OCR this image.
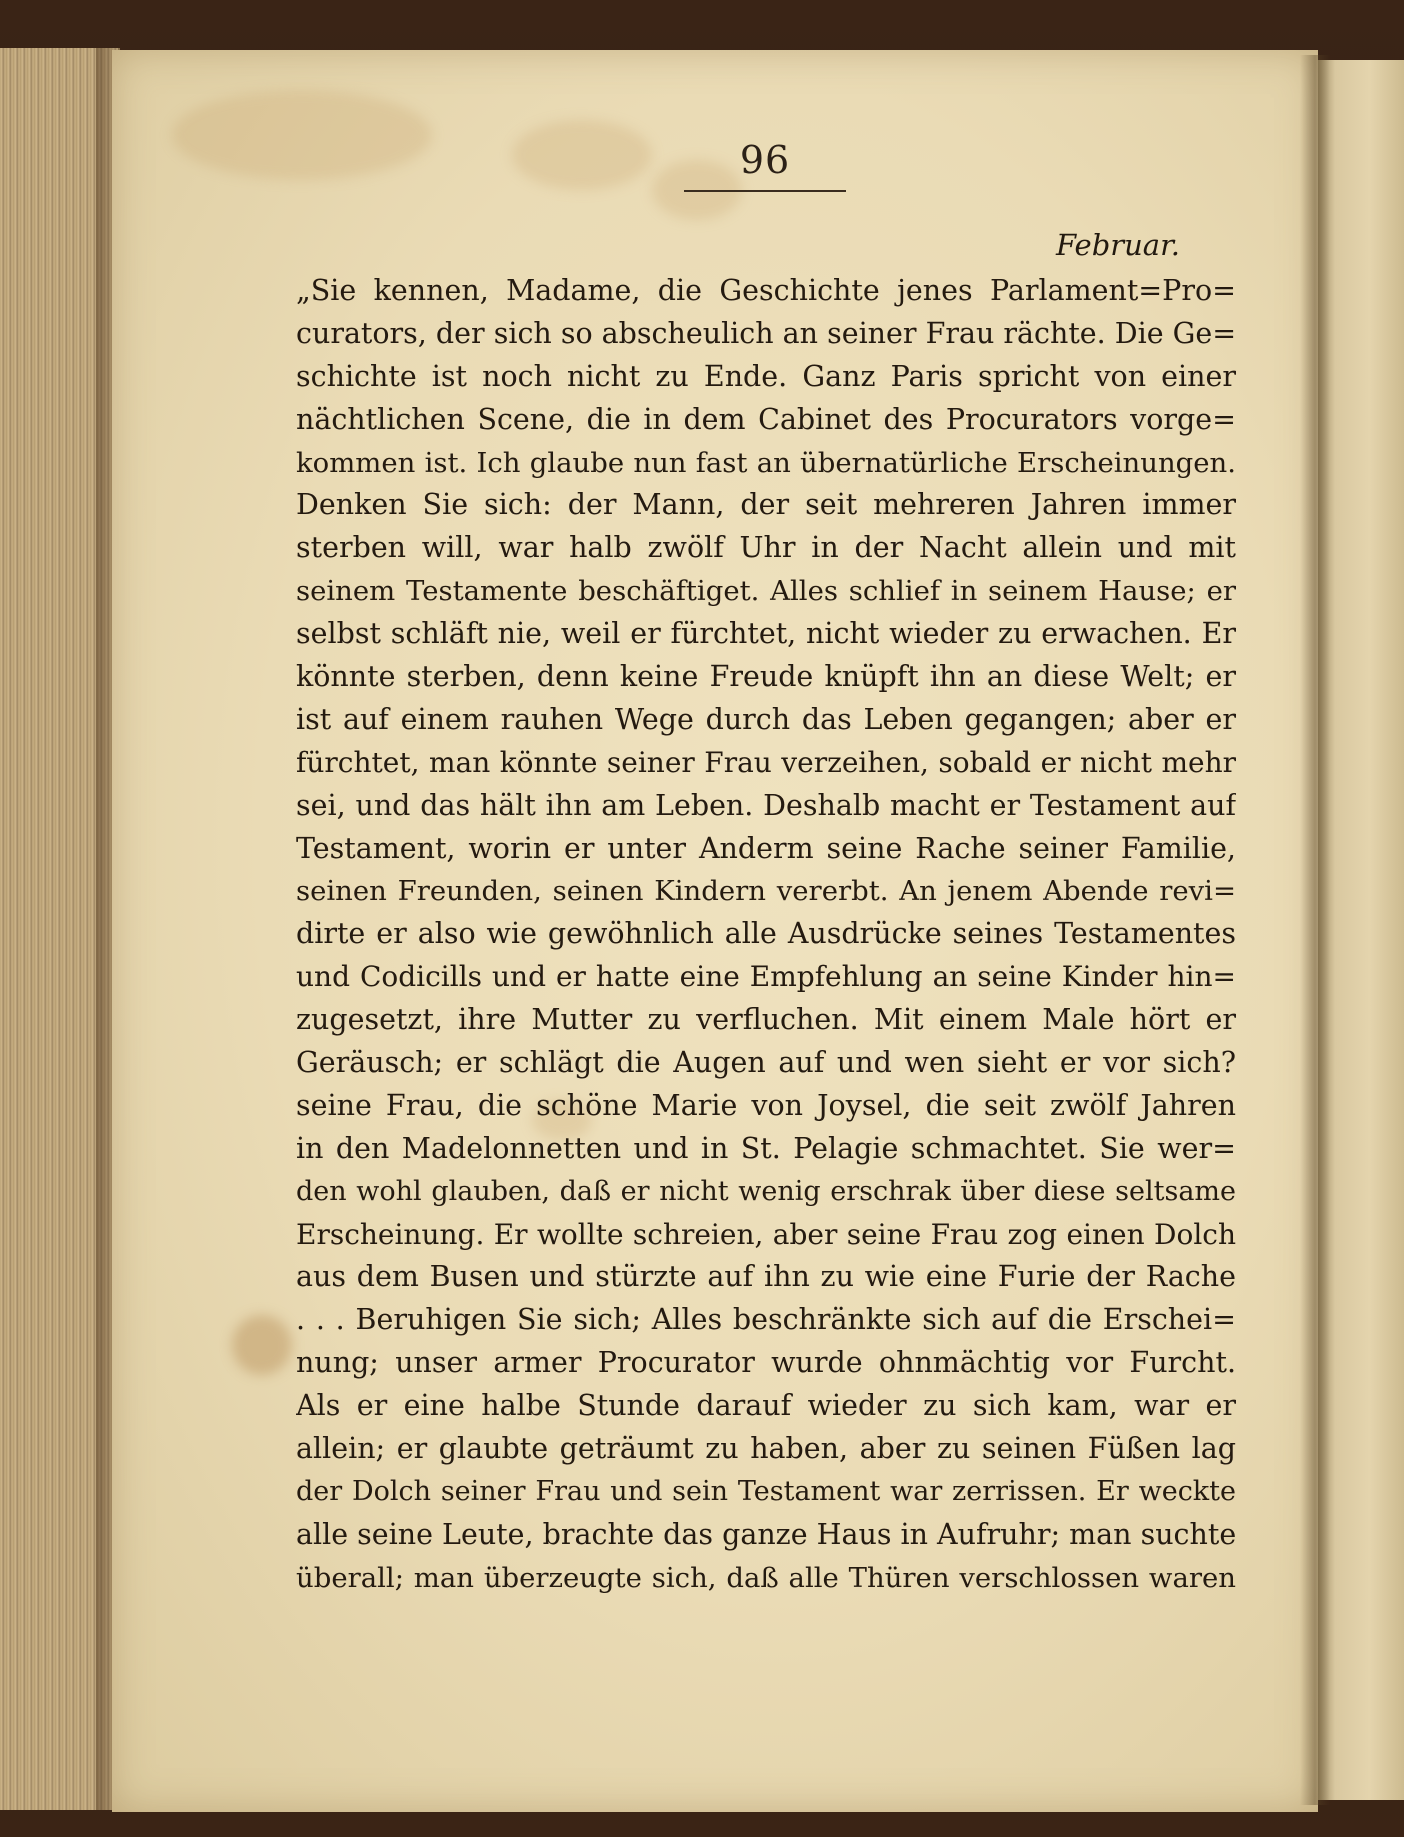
96
Februar.
„Sie kennen, Madame, die Geschichte jenes Parlament=Pro=
curators, der sich so abscheulich an seiner Frau rächte. Die Ge=
schichte ist noch nicht zu Ende. Ganz Paris spricht von einer
nächtlichen Scene, die in dem Cabinet des Procurators vorge=
kommen ist. Ich glaube nun fast an übernatürliche Erscheinungen.
Denken Sie sich: der Mann, der seit mehreren Jahren immer
sterben will, war halb zwölf Uhr in der Nacht allein und mit
seinem Testamente beschäftiget. Alles schlief in seinem Hause; er
selbst schläft nie, weil er fürchtet, nicht wieder zu erwachen. Er
könnte sterben, denn keine Freude knüpft ihn an diese Welt; er
ist auf einem rauhen Wege durch das Leben gegangen; aber er
fürchtet, man könnte seiner Frau verzeihen, sobald er nicht mehr
sei, und das hält ihn am Leben. Deshalb macht er Testament auf
Testament, worin er unter Anderm seine Rache seiner Familie,
seinen Freunden, seinen Kindern vererbt. An jenem Abende revi=
dirte er also wie gewöhnlich alle Ausdrücke seines Testamentes
und Codicills und er hatte eine Empfehlung an seine Kinder hin=
zugesetzt, ihre Mutter zu verfluchen. Mit einem Male hört er
Geräusch; er schlägt die Augen auf und wen sieht er vor sich?
seine Frau, die schöne Marie von Joysel, die seit zwölf Jahren
in den Madelonnetten und in St. Pelagie schmachtet. Sie wer=
den wohl glauben, daß er nicht wenig erschrak über diese seltsame
Erscheinung. Er wollte schreien, aber seine Frau zog einen Dolch
aus dem Busen und stürzte auf ihn zu wie eine Furie der Rache
. . . Beruhigen Sie sich; Alles beschränkte sich auf die Erschei=
nung; unser armer Procurator wurde ohnmächtig vor Furcht.
Als er eine halbe Stunde darauf wieder zu sich kam, war er
allein; er glaubte geträumt zu haben, aber zu seinen Füßen lag
der Dolch seiner Frau und sein Testament war zerrissen. Er weckte
alle seine Leute, brachte das ganze Haus in Aufruhr; man suchte
überall; man überzeugte sich, daß alle Thüren verschlossen waren
